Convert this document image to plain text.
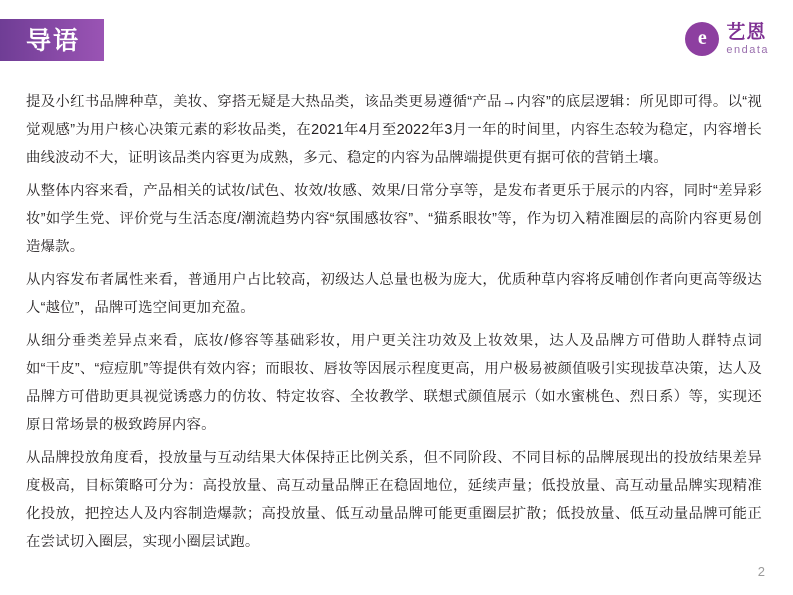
导语	e 艺恩
endata

提及小红书品牌种草，美妆、穿搭无疑是大热品类，该品类更易遵循“产品→内容”的底层逻辑：所见即可得。以“视觉观感”为用户核心决策元素的彩妆品类，在2021年4月至2022年3月一年的时间里，内容生态较为稳定，内容增长曲线波动不大，证明该品类内容更为成熟，多元、稳定的内容为品牌端提供更有据可依的营销土壤。

从整体内容来看，产品相关的试妆/试色、妆效/妆感、效果/日常分享等，是发布者更乐于展示的内容，同时“差异彩妆”如学生党、评价党与生活态度/潮流趋势内容“氛围感妆容”、“猫系眼妆”等，作为切入精准圈层的高阶内容更易创造爆款。

从内容发布者属性来看，普通用户占比较高，初级达人总量也极为庞大，优质种草内容将反哺创作者向更高等级达人“越位”，品牌可选空间更加充盈。

从细分垂类差异点来看，底妆/修容等基础彩妆，用户更关注功效及上妆效果，达人及品牌方可借助人群特点词如“干皮”、“痘痘肌”等提供有效内容；而眼妆、唇妆等因展示程度更高，用户极易被颜值吸引实现拔草决策，达人及品牌方可借助更具视觉诱惑力的仿妆、特定妆容、全妆教学、联想式颜值展示（如水蜜桃色、烈日系）等，实现还原日常场景的极致跨屏内容。

从品牌投放角度看，投放量与互动结果大体保持正比例关系，但不同阶段、不同目标的品牌展现出的投放结果差异度极高，目标策略可分为：高投放量、高互动量品牌正在稳固地位，延续声量；低投放量、高互动量品牌实现精准化投放，把控达人及内容制造爆款；高投放量、低互动量品牌可能更重圈层扩散；低投放量、低互动量品牌可能正在尝试切入圈层，实现小圈层试跑。

2
